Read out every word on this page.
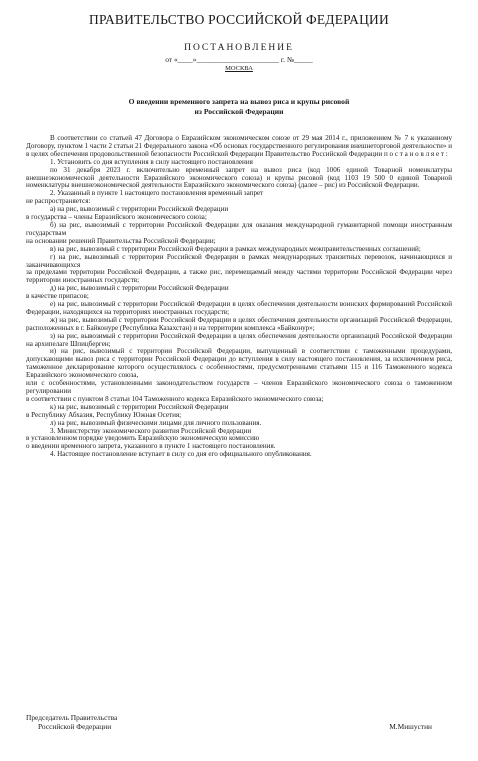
ПРАВИТЕЛЬСТВО РОССИЙСКОЙ ФЕДЕРАЦИИ
ПОСТАНОВЛЕНИЕ
от «____»______________________ г. №_____
МОСКВА
О введении временного запрета на вывоз риса и крупы рисовой
из Российской Федерации

В соответствии со статьей 47 Договора о Евразийском экономическом союзе от 29 мая 2014 г., приложением № 7 к указанному Договору, пунктом 1 части 2 статьи 21 Федерального закона «Об основах государственного регулирования внешнеторговой деятельности» и в целях обеспечения продовольственной безопасности Российской Федерации Правительство Российской Федерации п о с т а н о в л я е т :

1. Установить со дня вступления в силу настоящего постановления

по 31 декабря 2023 г. включительно временный запрет на вывоз риса (код 1006 единой Товарной номенклатуры внешнеэкономической деятельности Евразийского экономического союза) и крупы рисовой (код 1103 19 500 0 единой Товарной номенклатуры внешнеэкономической деятельности Евразийского экономического союза) (далее – рис) из Российской Федерации.

2. Указанный в пункте 1 настоящего постановления временный запрет

не распространяется:

а) на рис, вывозимый с территории Российской Федерации

в государства – члены Евразийского экономического союза;

б) на рис, вывозимый с территории Российской Федерации для оказания международной гуманитарной помощи иностранным государствам

на основании решений Правительства Российской Федерации;

в) на рис, вывозимый с территории Российской Федерации в рамках международных межправительственных соглашений;

г) на рис, вывозимый с территории Российской Федерации в рамках международных транзитных перевозок, начинающихся и заканчивающихся

за пределами территории Российской Федерации, а также рис, перемещаемый между частями территории Российской Федерации через территории иностранных государств;

д) на рис, вывозимый с территории Российской Федерации

в качестве припасов;

е) на рис, вывозимый с территории Российской Федерации в целях обеспечения деятельности воинских формирований Российской Федерации, находящихся на территориях иностранных государств;

ж) на рис, вывозимый с территории Российской Федерации в целях обеспечения деятельности организаций Российской Федерации, расположенных в г. Байконуре (Республика Казахстан) и на территории комплекса «Байконур»;

з) на рис, вывозимый с территории Российской Федерации в целях обеспечения деятельности организаций Российской Федерации на архипелаге Шпицберген;

и) на рис, вывозимый с территории Российской Федерации, выпущенный в соответствии с таможенными процедурами, допускающими вывоз риса с территории Российской Федерации до вступления в силу настоящего постановления, за исключением риса, таможенное декларирование которого осуществлялось с особенностями, предусмотренными статьями 115 и 116 Таможенного кодекса Евразийского экономического союза,

или с особенностями, установленными законодательством государств – членов Евразийского экономического союза о таможенном регулировании

в соответствии с пунктом 8 статьи 104 Таможенного кодекса Евразийского экономического союза;

к) на рис, вывозимый с территории Российской Федерации

в Республику Абхазия, Республику Южная Осетия;

л) на рис, вывозимый физическими лицами для личного пользования.

3. Министерству экономического развития Российской Федерации

в установленном порядке уведомить Евразийскую экономическую комиссию

о введении временного запрета, указанного в пункте 1 настоящего постановления.

4. Настоящее постановление вступает в силу со дня его официального опубликования.

Председатель Правительства
Российской Федерации	М.Мишустин
